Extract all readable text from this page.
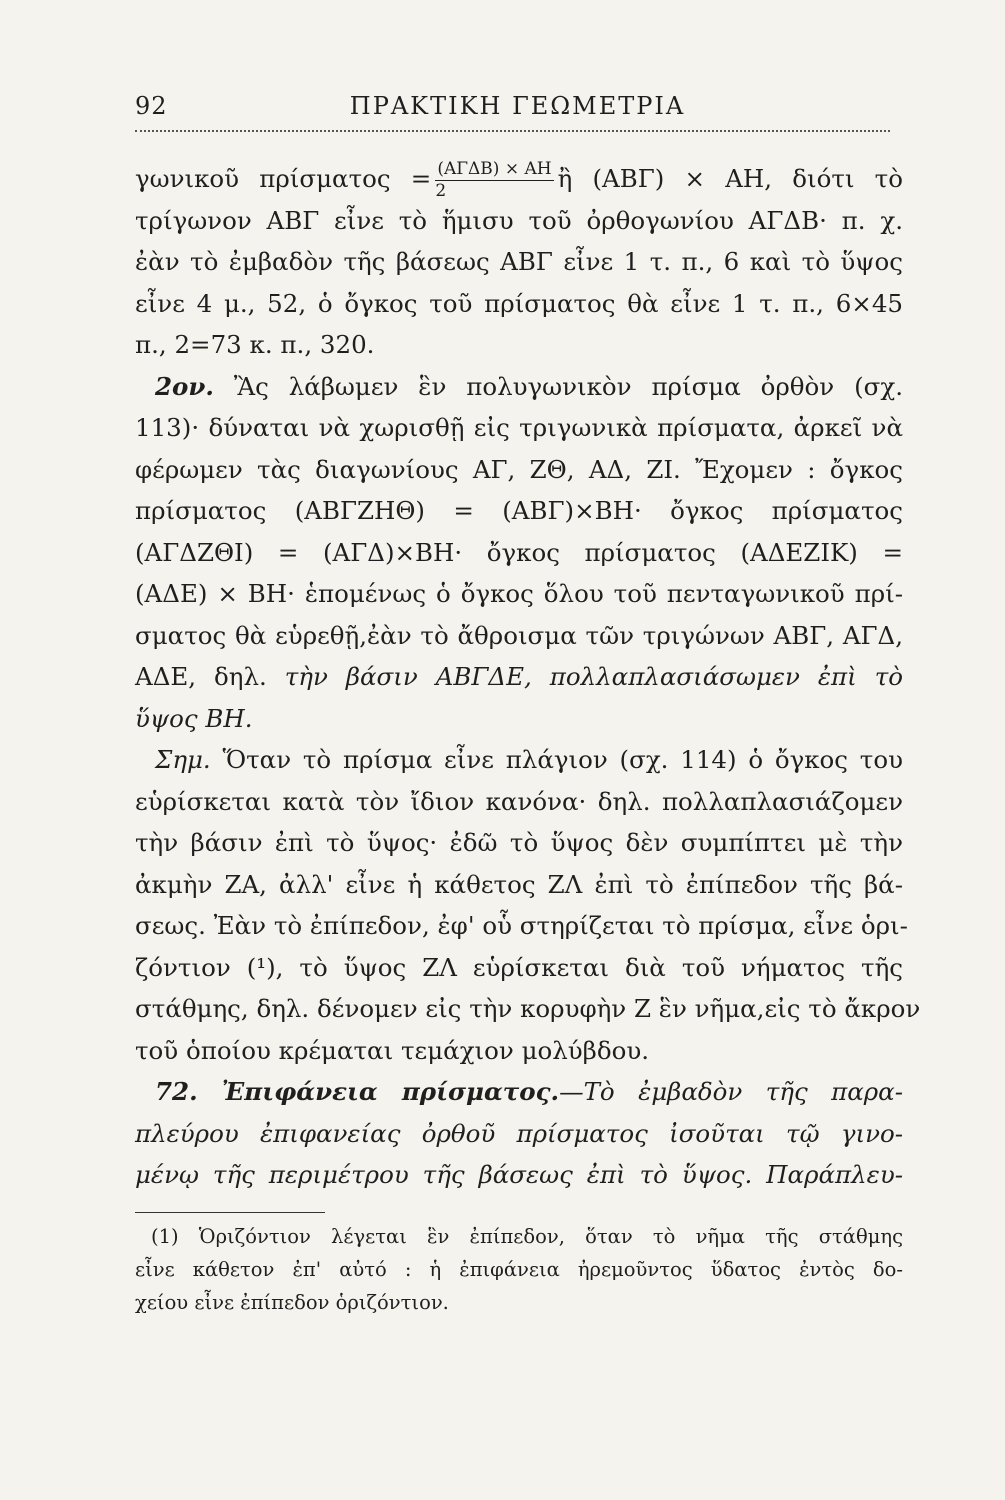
92	ΠΡΑΚΤΙΚΗ ΓΕΩΜΕΤΡΙΑ
γωνικοῦ $\pi\rho ί\sigma\mu\alpha\tau o\varsigma = \frac{\text{(ΑΓΔΒ) × ΑΗ}}{2}$ ἢ (ΑΒΓ) × ΑΗ, διότι τὸ
τρίγωνον ΑΒΓ εἶνε τὸ ἥμισυ τοῦ ὀρθογωνίου ΑΓΔΒ· π. χ.
ἐὰν τὸ ἐμβαδὸν τῆς βάσεως ΑΒΓ εἶνε 1 τ. π., 6 καὶ τὸ ὕψος
εἶνε 4 μ., 52, ὁ ὄγκος τοῦ πρίσματος θὰ εἶνε 1 τ. π., 6×45
π., 2=73 κ. π., 320.
2ον. Ἂς λάβωμεν ἓν πολυγωνικὸν πρίσμα ὀρθὸν (σχ.
113)· δύναται νὰ χωρισθῇ εἰς τριγωνικὰ πρίσματα, ἀρκεῖ νὰ
φέρωμεν τὰς διαγωνίους ΑΓ, ΖΘ, ΑΔ, ΖΙ. Ἔχομεν : ὄγκος
πρίσματος (ΑΒΓΖΗΘ) = (ΑΒΓ)×ΒΗ· ὄγκος πρίσματος
(ΑΓΔΖΘΙ) = (ΑΓΔ)×ΒΗ· ὄγκος πρίσματος (ΑΔΕΖΙΚ) =
(ΑΔΕ) × ΒΗ· ἑπομένως ὁ ὄγκος ὅλου τοῦ πενταγωνικοῦ πρί-
σματος θὰ εὑρεθῇ,ἐὰν τὸ ἄθροισμα τῶν τριγώνων ΑΒΓ, ΑΓΔ,
ΑΔΕ, δηλ. τὴν βάσιν ΑΒΓΔΕ, πολλαπλασιάσωμεν ἐπὶ τὸ
ὕψος ΒΗ.
Σημ. Ὅταν τὸ πρίσμα εἶνε πλάγιον (σχ. 114) ὁ ὄγκος του
εὑρίσκεται κατὰ τὸν ἴδιον κανόνα· δηλ. πολλαπλασιάζομεν
τὴν βάσιν ἐπὶ τὸ ὕψος· ἐδῶ τὸ ὕψος δὲν συμπίπτει μὲ τὴν
ἀκμὴν ΖΑ, ἀλλ' εἶνε ἡ κάθετος ΖΛ ἐπὶ τὸ ἐπίπεδον τῆς βά-
σεως. Ἐὰν τὸ ἐπίπεδον, ἐφ' οὗ στηρίζεται τὸ πρίσμα, εἶνε ὁρι-
ζόντιον (¹), τὸ ὕψος ΖΛ εὑρίσκεται διὰ τοῦ νήματος τῆς
στάθμης, δηλ. δένομεν εἰς τὴν κορυφὴν Ζ ἓν νῆμα,εἰς τὸ ἄκρον
τοῦ ὁποίου κρέμαται τεμάχιον μολύβδου.
72. Ἐπιφάνεια πρίσματος.—Τὸ ἐμβαδὸν τῆς παρα-
πλεύρου ἐπιφανείας ὀρθοῦ πρίσματος ἰσοῦται τῷ γινο-
μένῳ τῆς περιμέτρου τῆς βάσεως ἐπὶ τὸ ὕψος. Παράπλευ-
(1) Ὁριζόντιον λέγεται ἓν ἐπίπεδον, ὅταν τὸ νῆμα τῆς στάθμης
εἶνε κάθετον ἐπ' αὐτό : ἡ ἐπιφάνεια ἠρεμοῦντος ὕδατος ἐντὸς δο-
χείου εἶνε ἐπίπεδον ὁριζόντιον.
